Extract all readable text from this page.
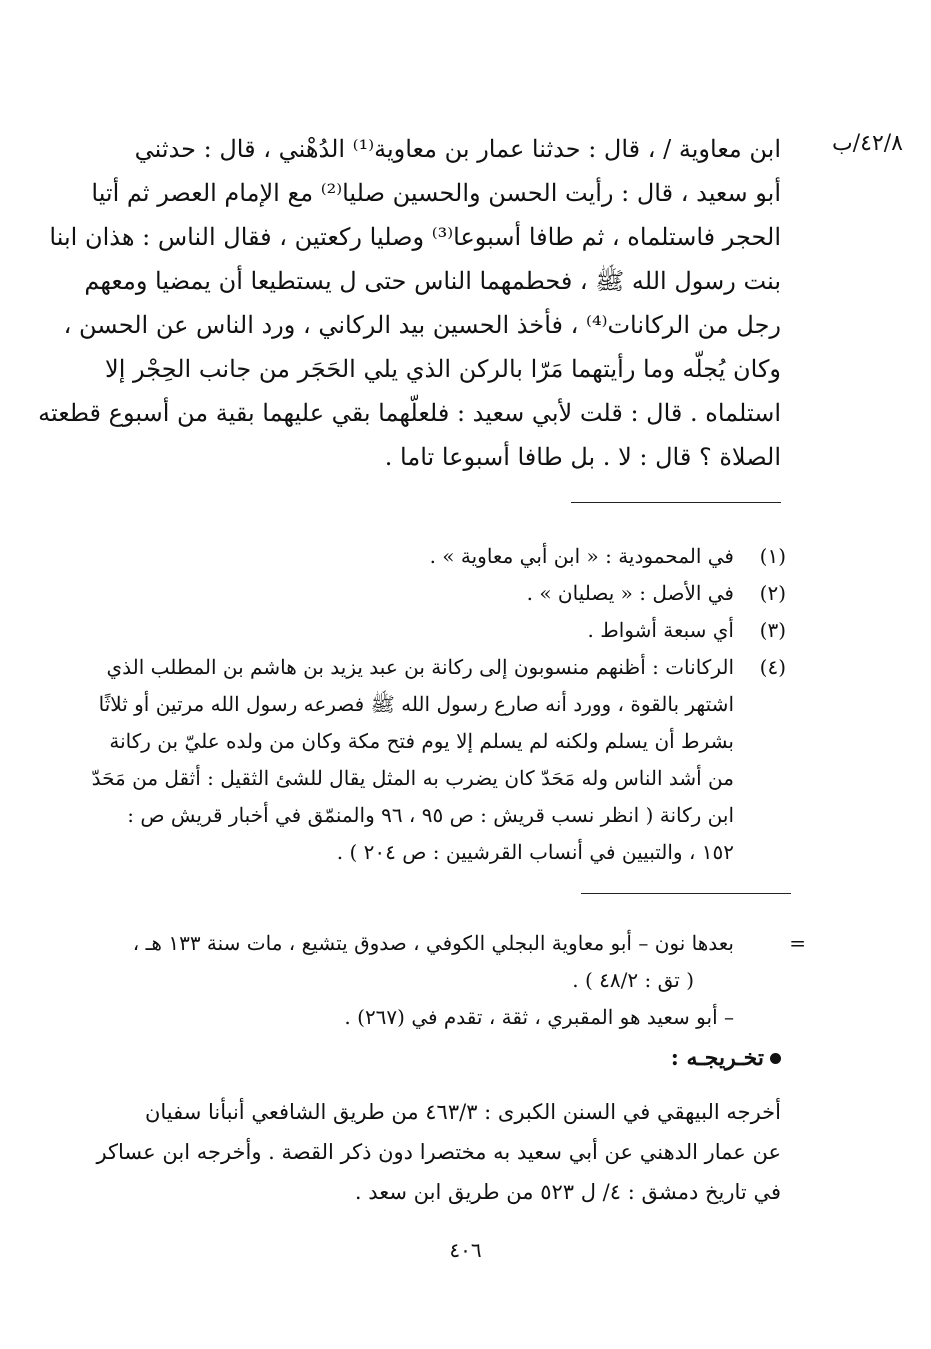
٤٢/٨/ب
ابن معاوية / ، قال : حدثنا عمار بن معاوية⁽¹⁾ الدُهْني ، قال : حدثني
أبو سعيد ، قال : رأيت الحسن والحسين صليا⁽²⁾ مع الإمام العصر ثم أتيا
الحجر فاستلماه ، ثم طافا أسبوعا⁽³⁾ وصليا ركعتين ، فقال الناس : هذان ابنا
بنت رسول الله ﷺ ، فحطمهما الناس حتى ل يستطيعا أن يمضيا ومعهم
رجل من الركانات⁽⁴⁾ ، فأخذ الحسين بيد الركاني ، ورد الناس عن الحسن ،
وكان يُجلّه وما رأيتهما مَرّا بالركن الذي يلي الحَجَر من جانب الحِجْر إلا
استلماه . قال : قلت لأبي سعيد : فلعلّهما بقي عليهما بقية من أسبوع قطعته
الصلاة ؟ قال : لا . بل طافا أسبوعا تاما .
(١)
في المحمودية : « ابن أبي معاوية » .
(٢)
في الأصل : « يصليان » .
(٣)
أي سبعة أشواط .
(٤)
الركانات : أظنهم منسوبون إلى ركانة بن عبد يزيد بن هاشم بن المطلب الذي
اشتهر بالقوة ، وورد أنه صارع رسول الله ﷺ فصرعه رسول الله مرتين أو ثلاثًا
بشرط أن يسلم ولكنه لم يسلم إلا يوم فتح مكة وكان من ولده عليّ بن ركانة
من أشد الناس وله مَحَدّ كان يضرب به المثل يقال للشئ الثقيل : أثقل من مَحَدّ
ابن ركانة ( انظر نسب قريش : ص ٩٥ ، ٩٦ والمنمّق في أخبار قريش ص :
١٥٢ ، والتبيين في أنساب القرشيين : ص ٢٠٤ ) .
=
بعدها نون – أبو معاوية البجلي الكوفي ، صدوق يتشيع ، مات سنة ١٣٣ هـ ،
( تق : ٤٨/٢ ) .
– أبو سعيد هو المقبري ، ثقة ، تقدم في (٢٦٧) .
تخـريجـه :
أخرجه البيهقي في السنن الكبرى : ٤٦٣/٣ من طريق الشافعي أنبأنا سفيان
عن عمار الدهني عن أبي سعيد به مختصرا دون ذكر القصة . وأخرجه ابن عساكر
في تاريخ دمشق : ٤/ ل ٥٢٣ من طريق ابن سعد .
٤٠٦
